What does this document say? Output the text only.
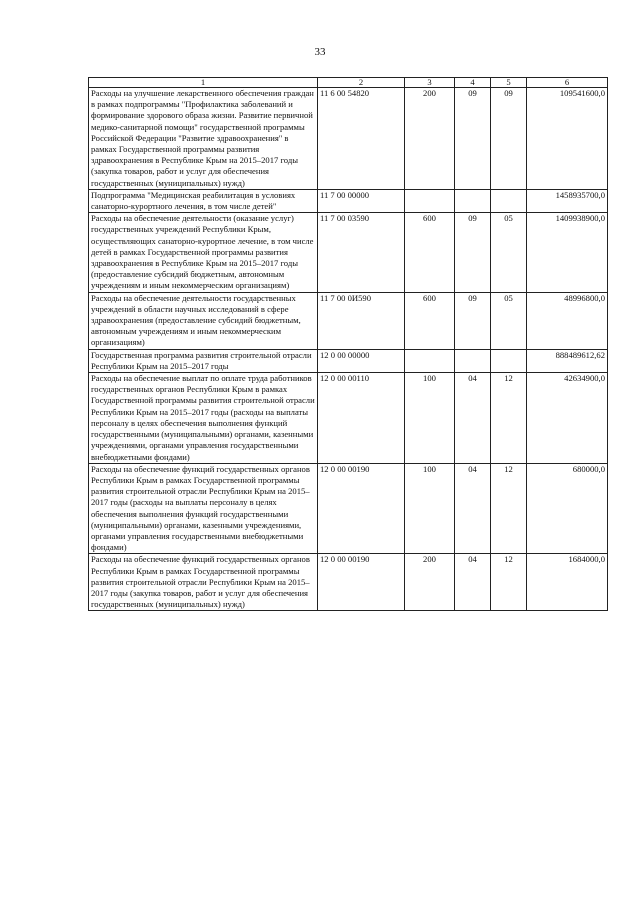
33
1	2	3	4	5	6
Расходы на улучшение лекарственного обеспечения граждан в рамках подпрограммы "Профилактика заболеваний и формирование здорового образа жизни. Развитие первичной медико-санитарной помощи" государственной программы Российской Федерации "Развитие здравоохранения" в рамках Государственной программы развития здравоохранения в Республике Крым на 2015–2017 годы (закупка товаров, работ и услуг для обеспечения государственных (муниципальных) нужд)	11 6 00 54820	200	09	09	109541600,0
Подпрограмма "Медицинская реабилитация в условиях санаторно-курортного лечения, в том числе детей"	11 7 00 00000				1458935700,0
Расходы на обеспечение деятельности (оказание услуг) государственных учреждений Республики Крым, осуществляющих санаторно-курортное лечение, в том числе детей в рамках Государственной программы развития здравоохранения в Республике Крым на 2015–2017 годы (предоставление субсидий бюджетным, автономным учреждениям и иным некоммерческим организациям)	11 7 00 03590	600	09	05	1409938900,0
Расходы на обеспечение деятельности государственных учреждений в области научных исследований в сфере здравоохранения (предоставление субсидий бюджетным, автономным учреждениям и иным некоммерческим организациям)	11 7 00 0И590	600	09	05	48996800,0
Государственная программа развития строительной отрасли Республики Крым на 2015–2017 годы	12 0 00 00000				888489612,62
Расходы на обеспечение выплат по оплате труда работников государственных органов Республики Крым в рамках Государственной программы развития строительной отрасли Республики Крым на 2015–2017 годы (расходы на выплаты персоналу в целях обеспечения выполнения функций государственными (муниципальными) органами, казенными учреждениями, органами управления государственными внебюджетными фондами)	12 0 00 00110	100	04	12	42634900,0
Расходы на обеспечение функций государственных органов Республики Крым в рамках Государственной программы развития строительной отрасли Республики Крым на 2015–2017 годы (расходы на выплаты персоналу в целях обеспечения выполнения функций государственными (муниципальными) органами, казенными учреждениями, органами управления государственными внебюджетными фондами)	12 0 00 00190	100	04	12	680000,0
Расходы на обеспечение функций государственных органов Республики Крым в рамках Государственной программы развития строительной отрасли Республики Крым на 2015–2017 годы (закупка товаров, работ и услуг для обеспечения государственных (муниципальных) нужд)	12 0 00 00190	200	04	12	1684000,0
